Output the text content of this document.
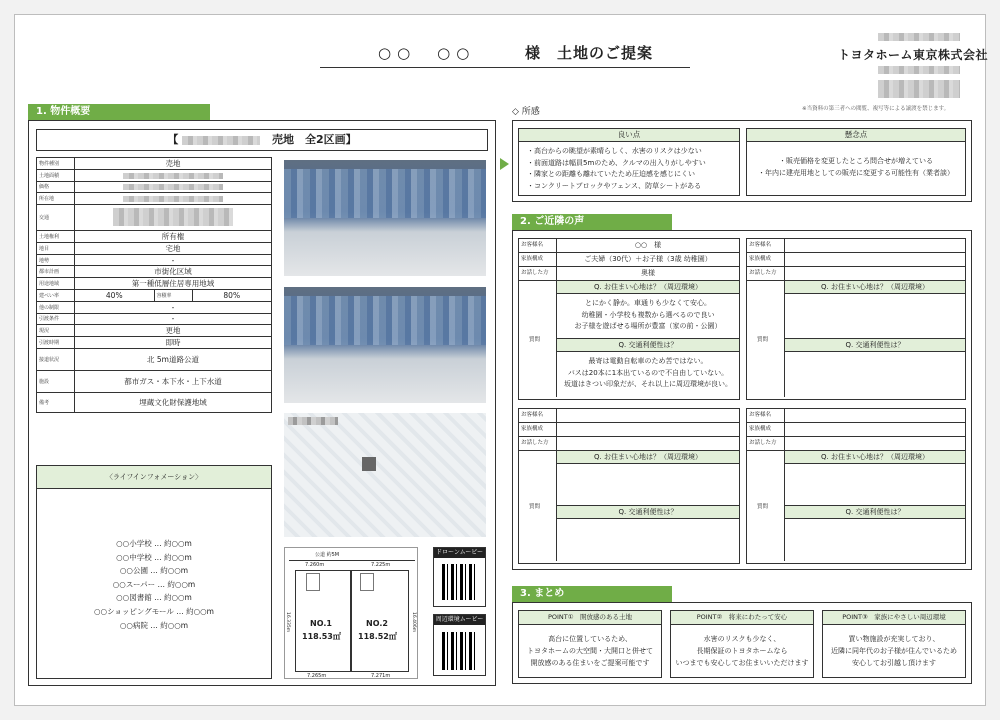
○○　○○	様　土地のご提案	トヨタホーム東京株式会社
※当資料の第三者への閲覧、複写等による譲渡を禁じます。
1. 物件概要
【	売地　全2区画】
物件種別	売地		
土地面積			
価格			
所在地			
交通			
土地権利	所有権		
地目	宅地		
地勢	-		
都市計画	市街化区域		
用途地域	第一種低層住居専用地域		
建ぺい率	40%	容積率	80%
他の制限	-		
引渡条件	-		
現況	更地		
引渡時期	即時		
接道状況	北 5m道路公道		
施設	都市ガス・本下水・上下水道		
備考	埋蔵文化財保護地域		
公道 約5M
7.260m	7.225m
NO.1
118.53㎡
NO.2
118.52㎡
16.335m	16.406m
7.265m	7.271m
ドローンムービー
周辺環境ムービー
〈ライフインフォメーション〉
○○小学校 … 約○○m
○○中学校 … 約○○m
○○公園 … 約○○m
○○スーパー … 約○○m
○○図書館 … 約○○m
○○ショッピングモール … 約○○m
○○病院 … 約○○m
◇ 所感
良い点
・高台からの眺望が素晴らしく、水害のリスクは少ない
・前面道路は幅員5mのため、クルマの出入りがしやすい
・隣家との距離も離れていたため圧迫感を感じにくい
・コンクリートブロックやフェンス、防草シートがある
懸念点
・販売価格を変更したところ問合せが増えている
・年内に建売用地としての販売に変更する可能性有（業者談）
2. ご近隣の声
お客様名	○○　様
家族構成	ご夫婦（30代）＋お子様（3歳 幼稚園）
お話した方	奥様
質問
Q. お住まい心地は？（周辺環境）
とにかく静か。車通りも少なくて安心。
幼稚園・小学校も複数から選べるので良い
お子様を遊ばせる場所が豊富（家の前・公園）
Q. 交通利便性は？
最寄は電動自転車のため苦ではない。
バスは20本に1本出ているので不自由していない。
坂道はきつい印象だが、それ以上に周辺環境が良い。
お客様名
家族構成
お話した方
質問
Q. お住まい心地は？（周辺環境）
Q. 交通利便性は？
お客様名
家族構成
お話した方
質問
Q. お住まい心地は？（周辺環境）
Q. 交通利便性は？
お客様名
家族構成
お話した方
質問
Q. お住まい心地は？（周辺環境）
Q. 交通利便性は？
3. まとめ
POINT①　開放感のある土地
高台に位置しているため、
トヨタホームの大空間・大開口と併せて
開放感のある住まいをご提案可能です
POINT②　将来にわたって安心
水害のリスクも少なく、
長期保証のトヨタホームなら
いつまでも安心してお住まいいただけます
POINT③　家族にやさしい周辺環境
買い物施設が充実しており、
近隣に同年代のお子様が住んでいるため
安心してお引越し頂けます
